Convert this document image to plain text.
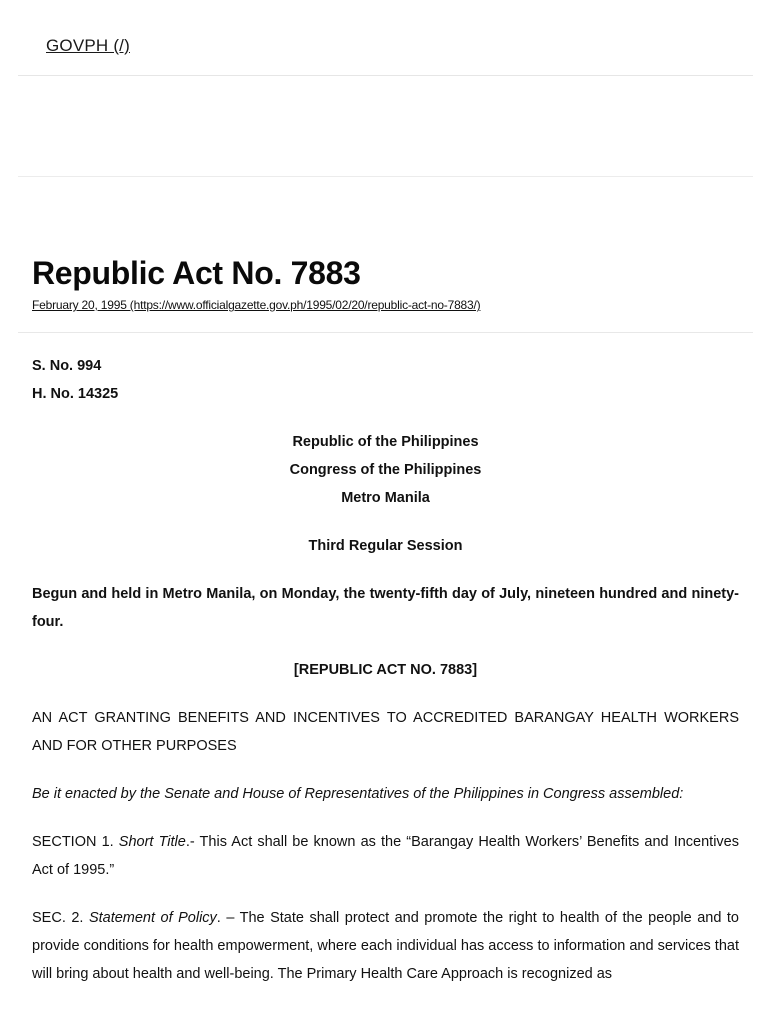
GOVPH (/)
Republic Act No. 7883
February 20, 1995 (https://www.officialgazette.gov.ph/1995/02/20/republic-act-no-7883/)

S. No. 994

H. No. 14325

Republic of the Philippines

Congress of the Philippines

Metro Manila

Third Regular Session

Begun and held in Metro Manila, on Monday, the twenty-fifth day of July, nineteen hundred and ninety-four.

[REPUBLIC ACT NO. 7883]

AN ACT GRANTING BENEFITS AND INCENTIVES TO ACCREDITED BARANGAY HEALTH WORKERS AND FOR OTHER PURPOSES

Be it enacted by the Senate and House of Representatives of the Philippines in Congress assembled:

SECTION 1. Short Title.- This Act shall be known as the “Barangay Health Workers’ Benefits and Incentives Act of 1995.”

SEC. 2. Statement of Policy. – The State shall protect and promote the right to health of the people and to provide conditions for health empowerment, where each individual has access to information and services that will bring about health and well-being. The Primary Health Care Approach is recognized as
